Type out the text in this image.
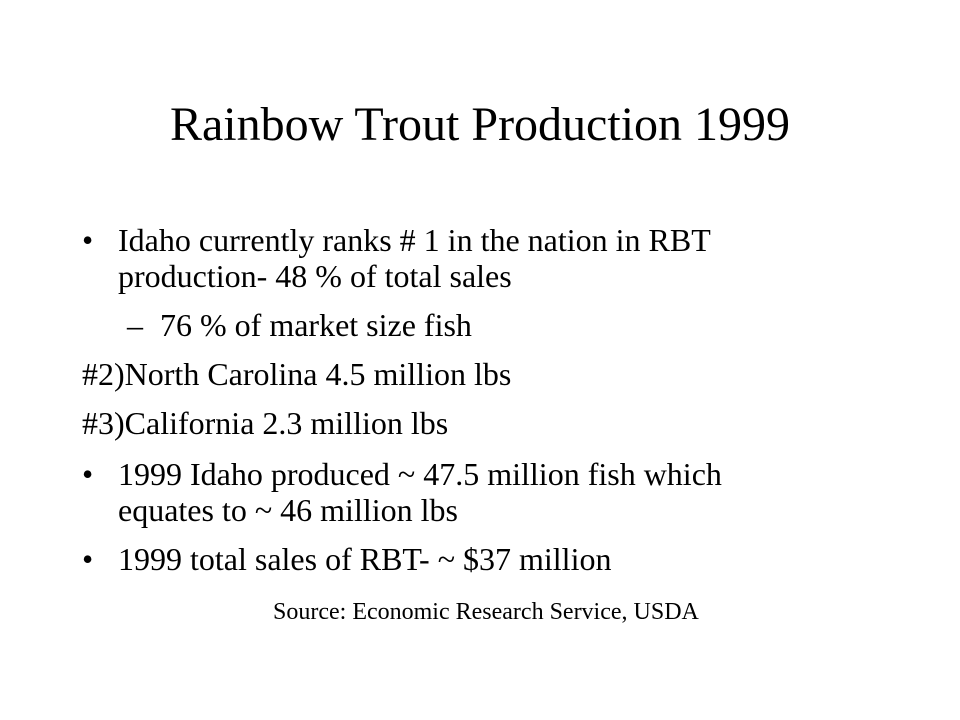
Rainbow Trout Production 1999
• Idaho currently ranks # 1 in the nation in RBT
production- 48 % of total sales
– 76 % of market size fish
#2)North Carolina 4.5 million lbs
#3)California 2.3 million lbs
• 1999 Idaho produced ~ 47.5 million fish which
equates to ~ 46 million lbs
• 1999 total sales of RBT- ~ $37 million
Source: Economic Research Service, USDA
